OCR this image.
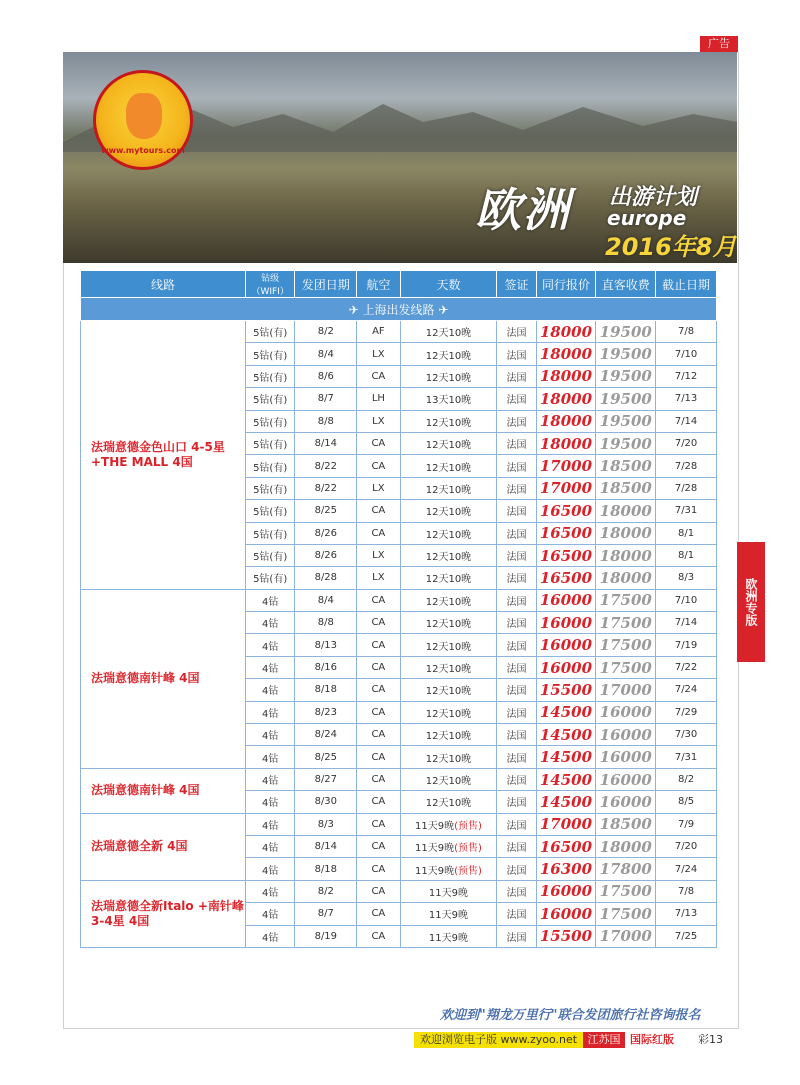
广告
www.mytours.com
欧洲 出游计划
europe
2016年8月
线路	钻级（WIFI）	发团日期	航空	天数	签证	同行报价	直客收费	截止日期
✈ 上海出发线路 ✈								
法瑞意德金色山口 4-5星+THE MALL 4国	5钻(有)	8/2	AF	12天10晚	法国	18000	19500	7/8
	5钻(有)	8/4	LX	12天10晚	法国	18000	19500	7/10
	5钻(有)	8/6	CA	12天10晚	法国	18000	19500	7/12
	5钻(有)	8/7	LH	13天10晚	法国	18000	19500	7/13
	5钻(有)	8/8	LX	12天10晚	法国	18000	19500	7/14
	5钻(有)	8/14	CA	12天10晚	法国	18000	19500	7/20
	5钻(有)	8/22	CA	12天10晚	法国	17000	18500	7/28
	5钻(有)	8/22	LX	12天10晚	法国	17000	18500	7/28
	5钻(有)	8/25	CA	12天10晚	法国	16500	18000	7/31
	5钻(有)	8/26	CA	12天10晚	法国	16500	18000	8/1
	5钻(有)	8/26	LX	12天10晚	法国	16500	18000	8/1
	5钻(有)	8/28	LX	12天10晚	法国	16500	18000	8/3
法瑞意德南针峰 4国	4钻	8/4	CA	12天10晚	法国	16000	17500	7/10
	4钻	8/8	CA	12天10晚	法国	16000	17500	7/14
	4钻	8/13	CA	12天10晚	法国	16000	17500	7/19
	4钻	8/16	CA	12天10晚	法国	16000	17500	7/22
	4钻	8/18	CA	12天10晚	法国	15500	17000	7/24
	4钻	8/23	CA	12天10晚	法国	14500	16000	7/29
	4钻	8/24	CA	12天10晚	法国	14500	16000	7/30
	4钻	8/25	CA	12天10晚	法国	14500	16000	7/31
法瑞意德南针峰 4国	4钻	8/27	CA	12天10晚	法国	14500	16000	8/2
	4钻	8/30	CA	12天10晚	法国	14500	16000	8/5
法瑞意德全新 4国	4钻	8/3	CA	11天9晚(预售)	法国	17000	18500	7/9
	4钻	8/14	CA	11天9晚(预售)	法国	16500	18000	7/20
	4钻	8/18	CA	11天9晚(预售)	法国	16300	17800	7/24
法瑞意德全新Italo +南针峰3-4星 4国	4钻	8/2	CA	11天9晚	法国	16000	17500	7/8
	4钻	8/7	CA	11天9晚	法国	16000	17500	7/13
	4钻	8/19	CA	11天9晚	法国	15500	17000	7/25
欧洲专版
欢迎到"翔龙万里行"联合发团旅行社咨询报名
欢迎浏览电子版 www.zyoo.net 江苏国际版
国际红版 彩13
